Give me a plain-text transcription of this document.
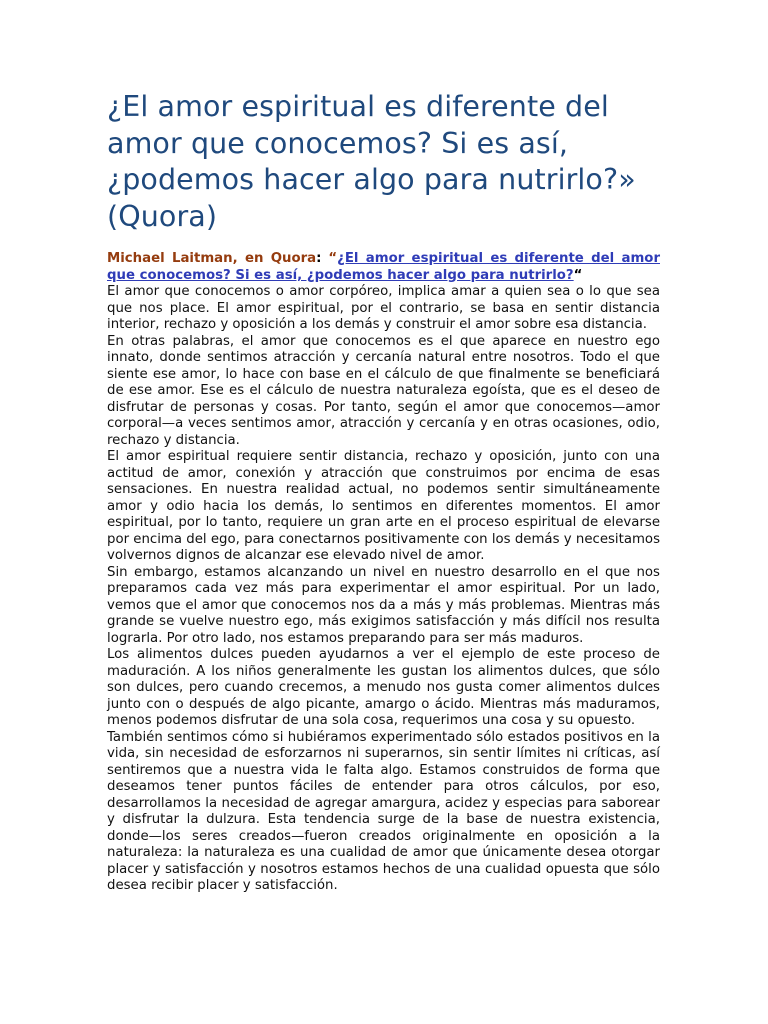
¿El amor espiritual es diferente del amor que conocemos? Si es así, ¿podemos hacer algo para nutrirlo?» (Quora)

Michael Laitman, en Quora: “¿El amor espiritual es diferente del amor que conocemos? Si es así, ¿podemos hacer algo para nutrirlo?“

El amor que conocemos o amor corpóreo, implica amar a quien sea o lo que sea que nos place. El amor espiritual, por el contrario, se basa en sentir distancia interior, rechazo y oposición a los demás y construir el amor sobre esa distancia.

En otras palabras, el amor que conocemos es el que aparece en nuestro ego innato, donde sentimos atracción y cercanía natural entre nosotros. Todo el que siente ese amor, lo hace con base en el cálculo de que finalmente se beneficiará de ese amor. Ese es el cálculo de nuestra naturaleza egoísta, que es el deseo de disfrutar de personas y cosas. Por tanto, según el amor que conocemos—amor corporal—a veces sentimos amor, atracción y cercanía y en otras ocasiones, odio, rechazo y distancia.

El amor espiritual requiere sentir distancia, rechazo y oposición, junto con una actitud de amor, conexión y atracción que construimos por encima de esas sensaciones. En nuestra realidad actual, no podemos sentir simultáneamente amor y odio hacia los demás, lo sentimos en diferentes momentos. El amor espiritual, por lo tanto, requiere un gran arte en el proceso espiritual de elevarse por encima del ego, para conectarnos positivamente con los demás y necesitamos volvernos dignos de alcanzar ese elevado nivel de amor.

Sin embargo, estamos alcanzando un nivel en nuestro desarrollo en el que nos preparamos cada vez más para experimentar el amor espiritual. Por un lado, vemos que el amor que conocemos nos da a más y más problemas. Mientras más grande se vuelve nuestro ego, más exigimos satisfacción y más difícil nos resulta lograrla. Por otro lado, nos estamos preparando para ser más maduros.

Los alimentos dulces pueden ayudarnos a ver el ejemplo de este proceso de maduración. A los niños generalmente les gustan los alimentos dulces, que sólo son dulces, pero cuando crecemos, a menudo nos gusta comer alimentos dulces junto con o después de algo picante, amargo o ácido. Mientras más maduramos, menos podemos disfrutar de una sola cosa, requerimos una cosa y su opuesto.

También sentimos cómo si hubiéramos experimentado sólo estados positivos en la vida, sin necesidad de esforzarnos ni superarnos, sin sentir límites ni críticas, así sentiremos que a nuestra vida le falta algo. Estamos construidos de forma que deseamos tener puntos fáciles de entender para otros cálculos, por eso, desarrollamos la necesidad de agregar amargura, acidez y especias para saborear y disfrutar la dulzura. Esta tendencia surge de la base de nuestra existencia, donde—los seres creados—fueron creados originalmente en oposición a la naturaleza: la naturaleza es una cualidad de amor que únicamente desea otorgar placer y satisfacción y nosotros estamos hechos de una cualidad opuesta que sólo desea recibir placer y satisfacción.
